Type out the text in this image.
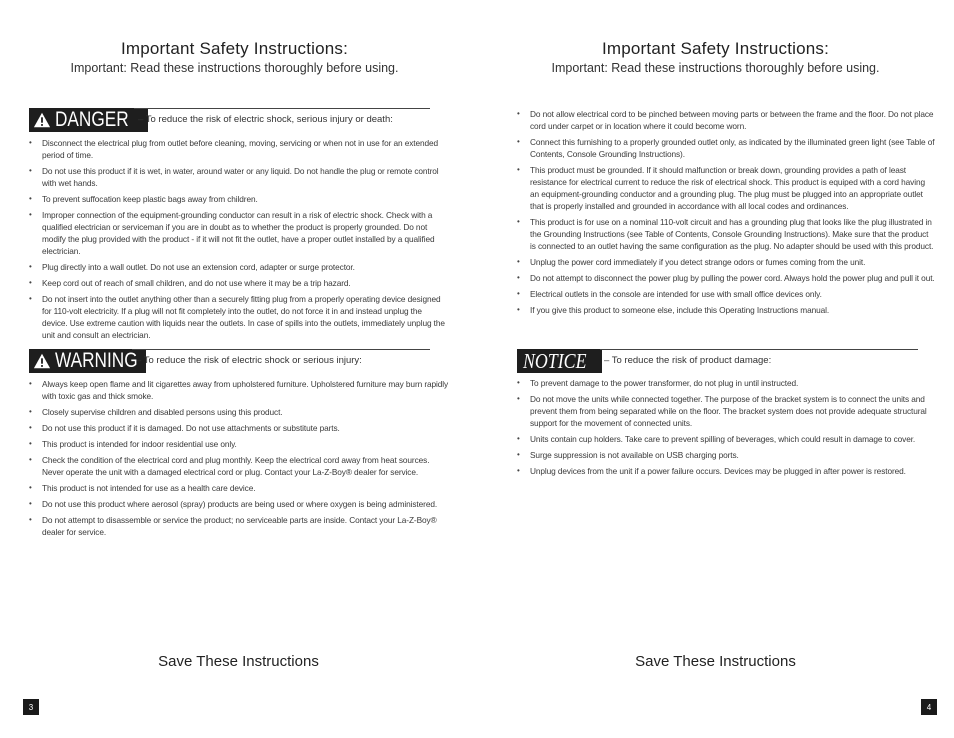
Important Safety Instructions:
Important: Read these instructions thoroughly before using.
DANGER – To reduce the risk of electric shock, serious injury or death:
• Disconnect the electrical plug from outlet before cleaning, moving, servicing or when not in use for an extended period of time.
• Do not use this product if it is wet, in water, around water or any liquid. Do not handle the plug or remote control with wet hands.
• To prevent suffocation keep plastic bags away from children.
• Improper connection of the equipment-grounding conductor can result in a risk of electric shock. Check with a qualified electrician or serviceman if you are in doubt as to whether the product is properly grounded. Do not modify the plug provided with the product - if it will not fit the outlet, have a proper outlet installed by a qualified electrician.
• Plug directly into a wall outlet. Do not use an extension cord, adapter or surge protector.
• Keep cord out of reach of small children, and do not use where it may be a trip hazard.
• Do not insert into the outlet anything other than a securely fitting plug from a properly operating device designed for 110-volt electricity. If a plug will not fit completely into the outlet, do not force it in and instead unplug the device. Use extreme caution with liquids near the outlets. In case of spills into the outlets, immediately unplug the unit and consult an electrician.
WARNING
– To reduce the risk of electric shock or serious injury:
• Always keep open flame and lit cigarettes away from upholstered furniture. Upholstered furniture may burn rapidly with toxic gas and thick smoke.
• Closely supervise children and disabled persons using this product.
• Do not use this product if it is damaged. Do not use attachments or substitute parts.
• This product is intended for indoor residential use only.
• Check the condition of the electrical cord and plug monthly. Keep the electrical cord away from heat sources. Never operate the unit with a damaged electrical cord or plug. Contact your La-Z-Boy® dealer for service.
• This product is not intended for use as a health care device.
• Do not use this product where aerosol (spray) products are being used or where oxygen is being administered.
• Do not attempt to disassemble or service the product; no serviceable parts are inside. Contact your La-Z-Boy® dealer for service.
Save These Instructions
3
Important Safety Instructions:
Important: Read these instructions thoroughly before using.
• Do not allow electrical cord to be pinched between moving parts or between the frame and the floor. Do not place cord under carpet or in location where it could become worn.
• Connect this furnishing to a properly grounded outlet only, as indicated by the illuminated green light (see Table of Contents, Console Grounding Instructions).
• This product must be grounded. If it should malfunction or break down, grounding provides a path of least resistance for electrical current to reduce the risk of electrical shock. This product is equiped with a cord having an equipment-grounding conductor and a grounding plug. The plug must be plugged into an appropriate outlet that is properly installed and grounded in accordance with all local codes and ordinances.
• This product is for use on a nominal 110-volt circuit and has a grounding plug that looks like the plug illustrated in the Grounding Instructions (see Table of Contents, Console Grounding Instructions). Make sure that the product is connected to an outlet having the same configuration as the plug. No adapter should be used with this product.
• Unplug the power cord immediately if you detect strange odors or fumes coming from the unit.
• Do not attempt to disconnect the power plug by pulling the power cord. Always hold the power plug and pull it out.
• Electrical outlets in the console are intended for use with small office devices only.
• If you give this product to someone else, include this Operating Instructions manual.
NOTICE	– To reduce the risk of product damage:
• To prevent damage to the power transformer, do not plug in until instructed.
• Do not move the units while connected together. The purpose of the bracket system is to connect the units and prevent them from being separated while on the floor. The bracket system does not provide adequate structural support for the movement of connected units.
• Units contain cup holders. Take care to prevent spilling of beverages, which could result in damage to cover.
• Surge suppression is not available on USB charging ports.
• Unplug devices from the unit if a power failure occurs. Devices may be plugged in after power is restored.
Save These Instructions
4
